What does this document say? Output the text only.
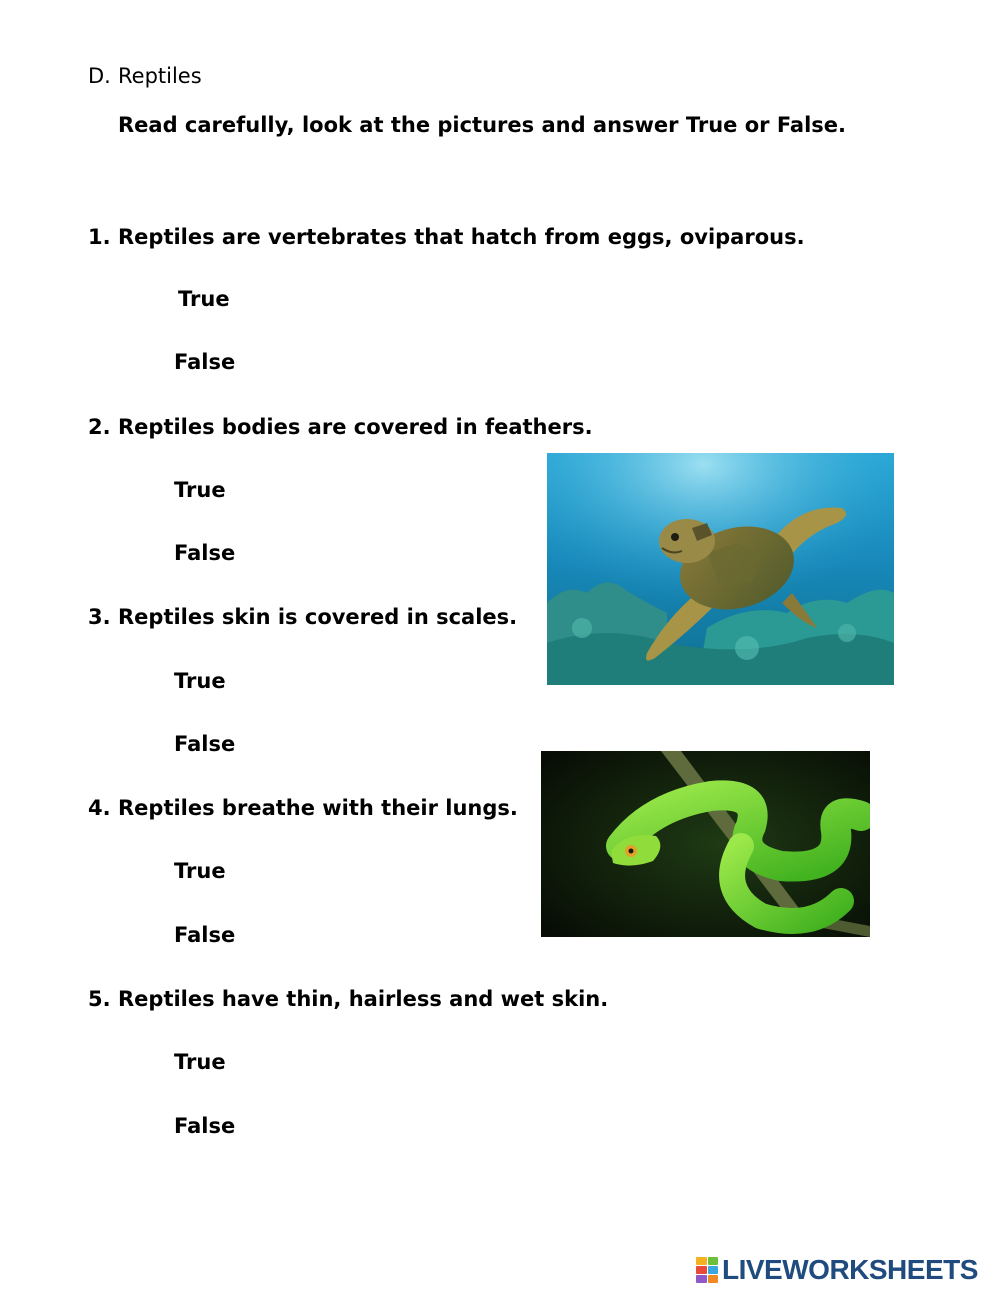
D. Reptiles
Read carefully, look at the pictures and answer True or False.
1. Reptiles are vertebrates that hatch from eggs, oviparous.
True
False
2. Reptiles bodies are covered in feathers.
True
False
3. Reptiles skin is covered in scales.
True
False
4. Reptiles breathe with their lungs.
True
False
5. Reptiles have thin, hairless and wet skin.
True
False
LIVEWORKSHEETS
